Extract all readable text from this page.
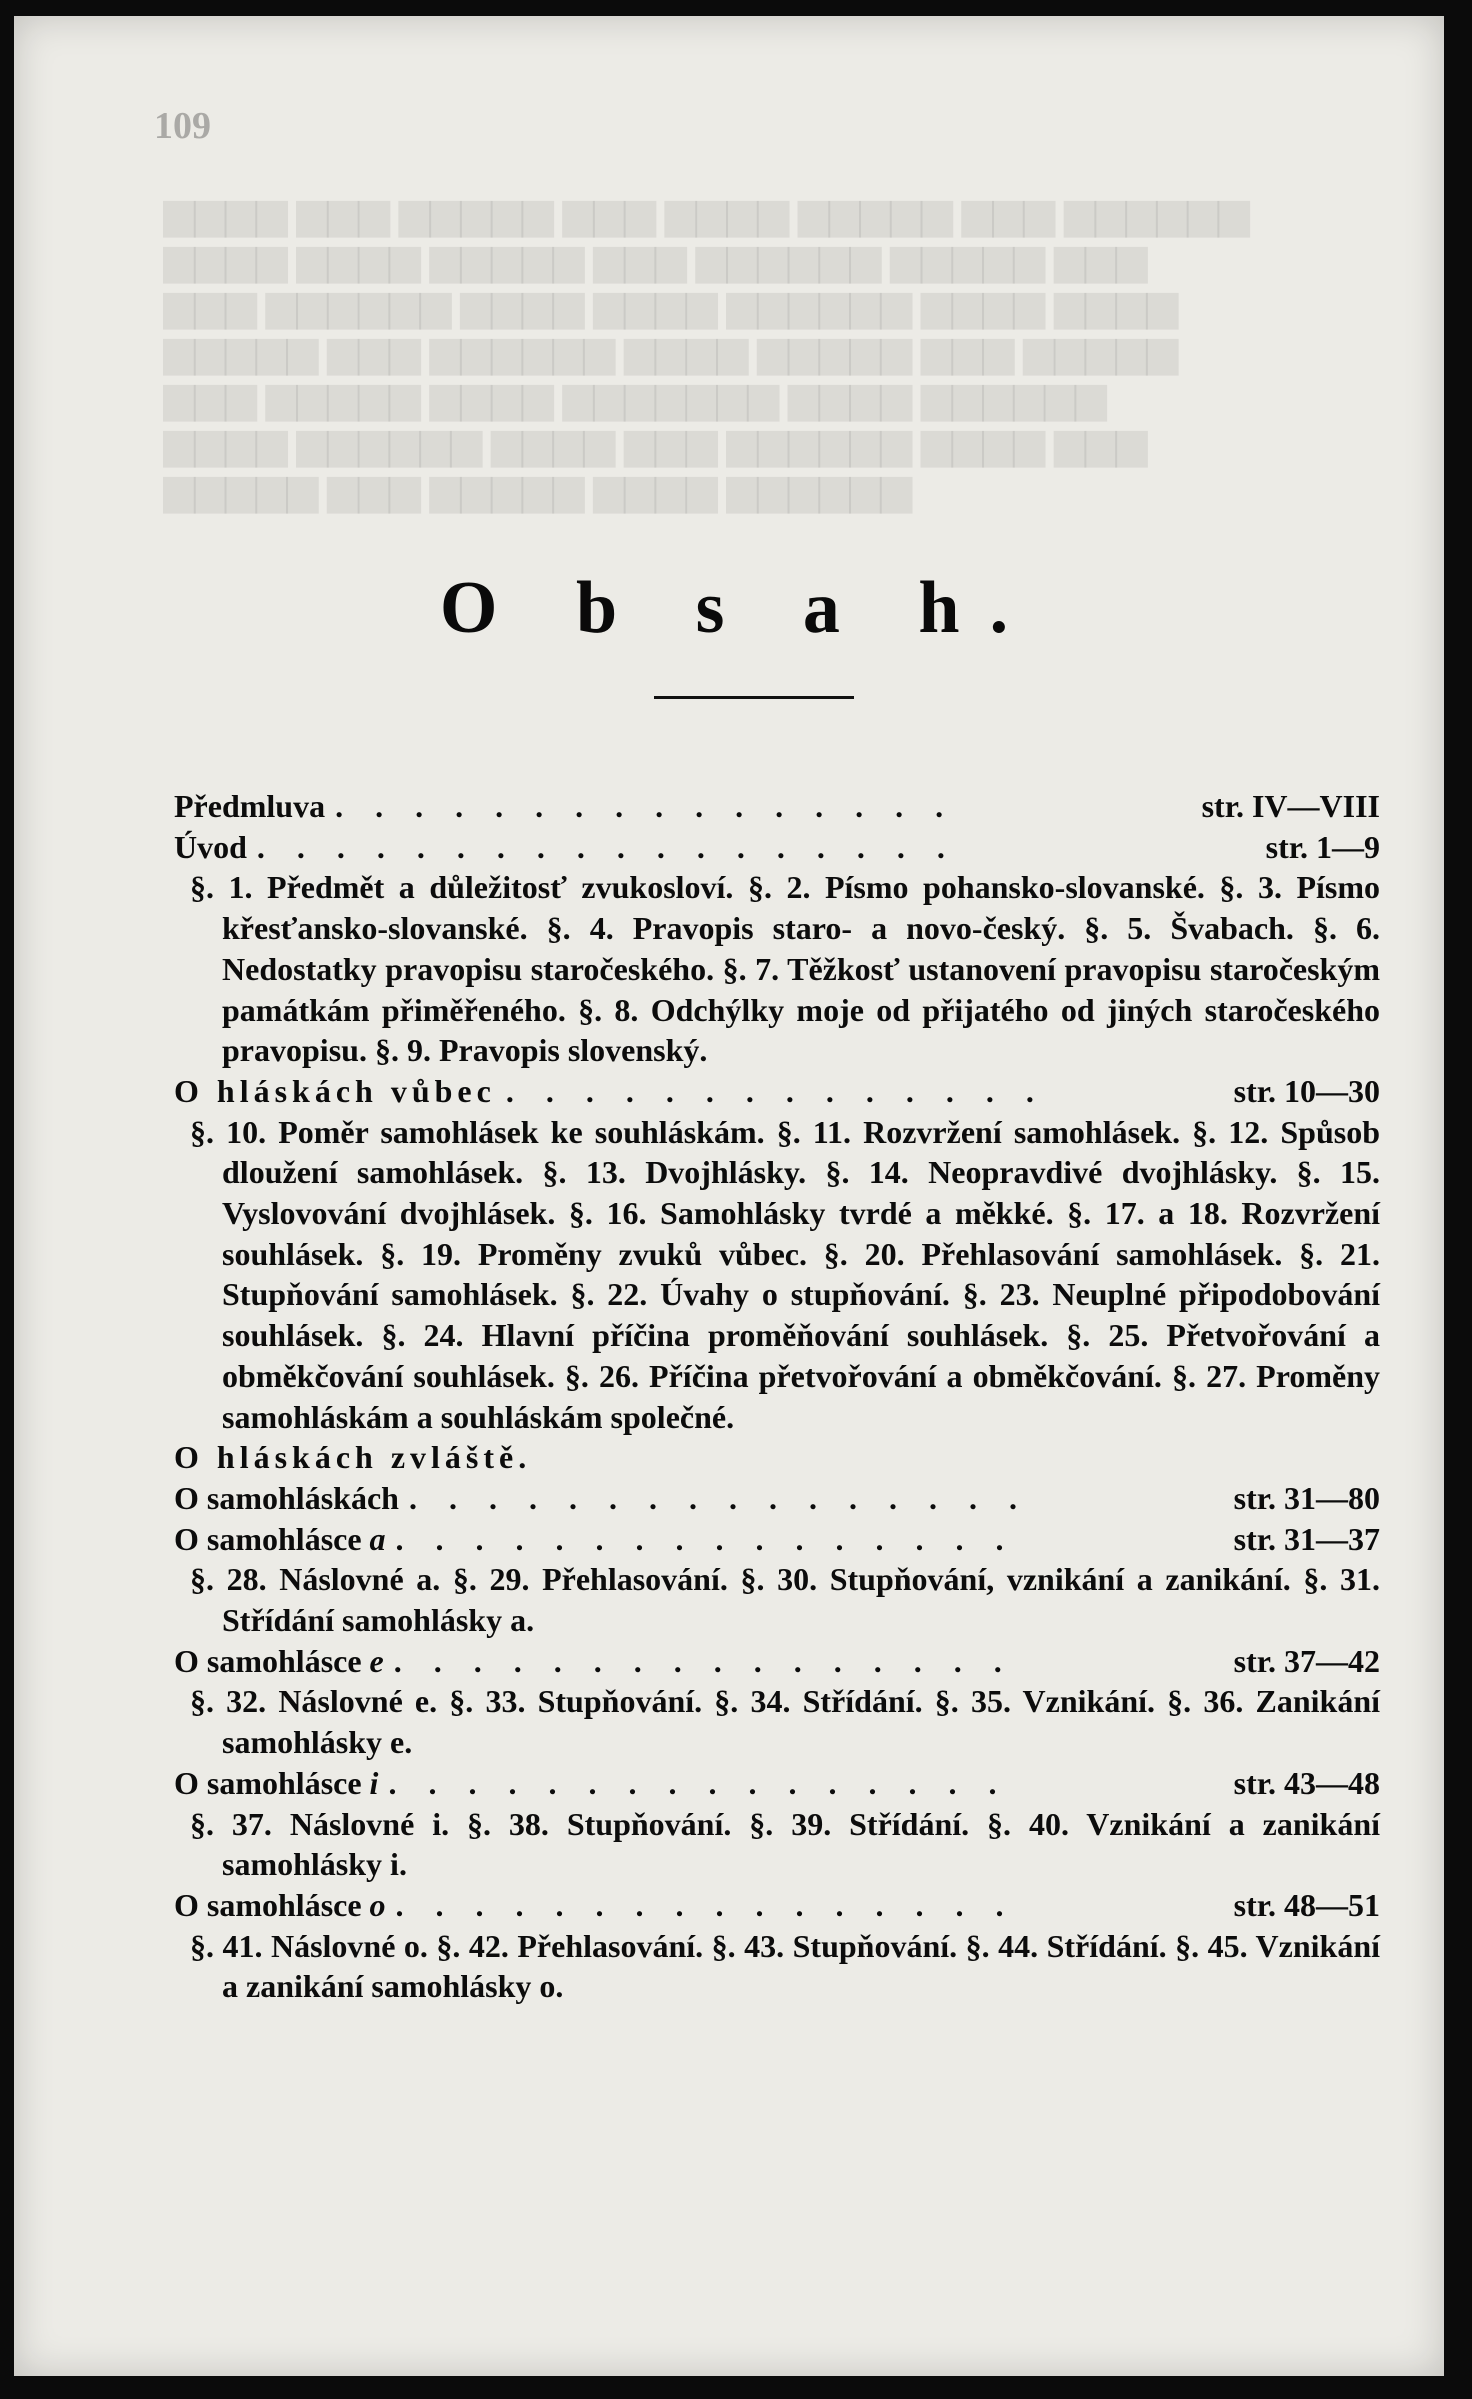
▆▆▆▆ ▆▆▆ ▆▆▆▆▆ ▆▆▆ ▆▆▆▆ ▆▆▆▆▆ ▆▆▆ ▆▆▆▆▆▆
▆▆▆▆ ▆▆▆▆ ▆▆▆▆▆ ▆▆▆ ▆▆▆▆▆▆ ▆▆▆▆▆ ▆▆▆
▆▆▆ ▆▆▆▆▆▆ ▆▆▆▆ ▆▆▆▆ ▆▆▆▆▆▆ ▆▆▆▆ ▆▆▆▆
▆▆▆▆▆ ▆▆▆ ▆▆▆▆▆▆ ▆▆▆▆ ▆▆▆▆▆ ▆▆▆ ▆▆▆▆▆
▆▆▆ ▆▆▆▆▆ ▆▆▆▆ ▆▆▆▆▆▆▆ ▆▆▆▆ ▆▆▆▆▆▆
▆▆▆▆ ▆▆▆▆▆▆ ▆▆▆▆ ▆▆▆ ▆▆▆▆▆▆ ▆▆▆▆ ▆▆▆
▆▆▆▆▆ ▆▆▆ ▆▆▆▆▆ ▆▆▆▆ ▆▆▆▆▆▆
109
O b s a h.
Předmluva . . . . . . . . . . . . . . . .	str. IV—VIII
Úvod . . . . . . . . . . . . . . . . . .	str. 1—9
§. 1. Předmět a důležitosť zvukosloví. §. 2. Písmo pohansko-slovanské. §. 3. Písmo křesťansko-slovanské. §. 4. Pravopis staro- a novo-český. §. 5. Švabach. §. 6. Nedostatky pravopisu staročeského. §. 7. Těžkosť ustanovení pravopisu staročeským památkám přiměřeného. §. 8. Odchýlky moje od přijatého od jiných staročeského pravopisu. §. 9. Pravopis slovenský.
O hláskách vůbec . . . . . . . . . . . . . .	str. 10—30
§. 10. Poměr samohlásek ke souhláskám. §. 11. Rozvržení samohlásek. §. 12. Spůsob dloužení samohlásek. §. 13. Dvojhlásky. §. 14. Neopravdivé dvojhlásky. §. 15. Vyslovování dvojhlásek. §. 16. Samohlásky tvrdé a měkké. §. 17. a 18. Rozvržení souhlásek. §. 19. Proměny zvuků vůbec. §. 20. Přehlasování samohlásek. §. 21. Stupňování samohlásek. §. 22. Úvahy o stupňování. §. 23. Neuplné připodobování souhlásek. §. 24. Hlavní příčina proměňování souhlásek. §. 25. Přetvořování a obměkčování souhlásek. §. 26. Příčina přetvořování a obměkčování. §. 27. Proměny samohláskám a souhláskám společné.
O hláskách zvláště.
O samohláskách . . . . . . . . . . . . . . . .	str. 31—80
O samohlásce a . . . . . . . . . . . . . . . .	str. 31—37
§. 28. Náslovné a. §. 29. Přehlasování. §. 30. Stupňování, vznikání a zanikání. §. 31. Střídání samohlásky a.
O samohlásce e . . . . . . . . . . . . . . . .	str. 37—42
§. 32. Náslovné e. §. 33. Stupňování. §. 34. Střídání. §. 35. Vznikání. §. 36. Zanikání samohlásky e.
O samohlásce i . . . . . . . . . . . . . . . .	str. 43—48
§. 37. Náslovné i. §. 38. Stupňování. §. 39. Střídání. §. 40. Vznikání a zanikání samohlásky i.
O samohlásce o . . . . . . . . . . . . . . . .	str. 48—51
§. 41. Náslovné o. §. 42. Přehlasování. §. 43. Stupňování. §. 44. Střídání. §. 45. Vznikání a zanikání samohlásky o.
